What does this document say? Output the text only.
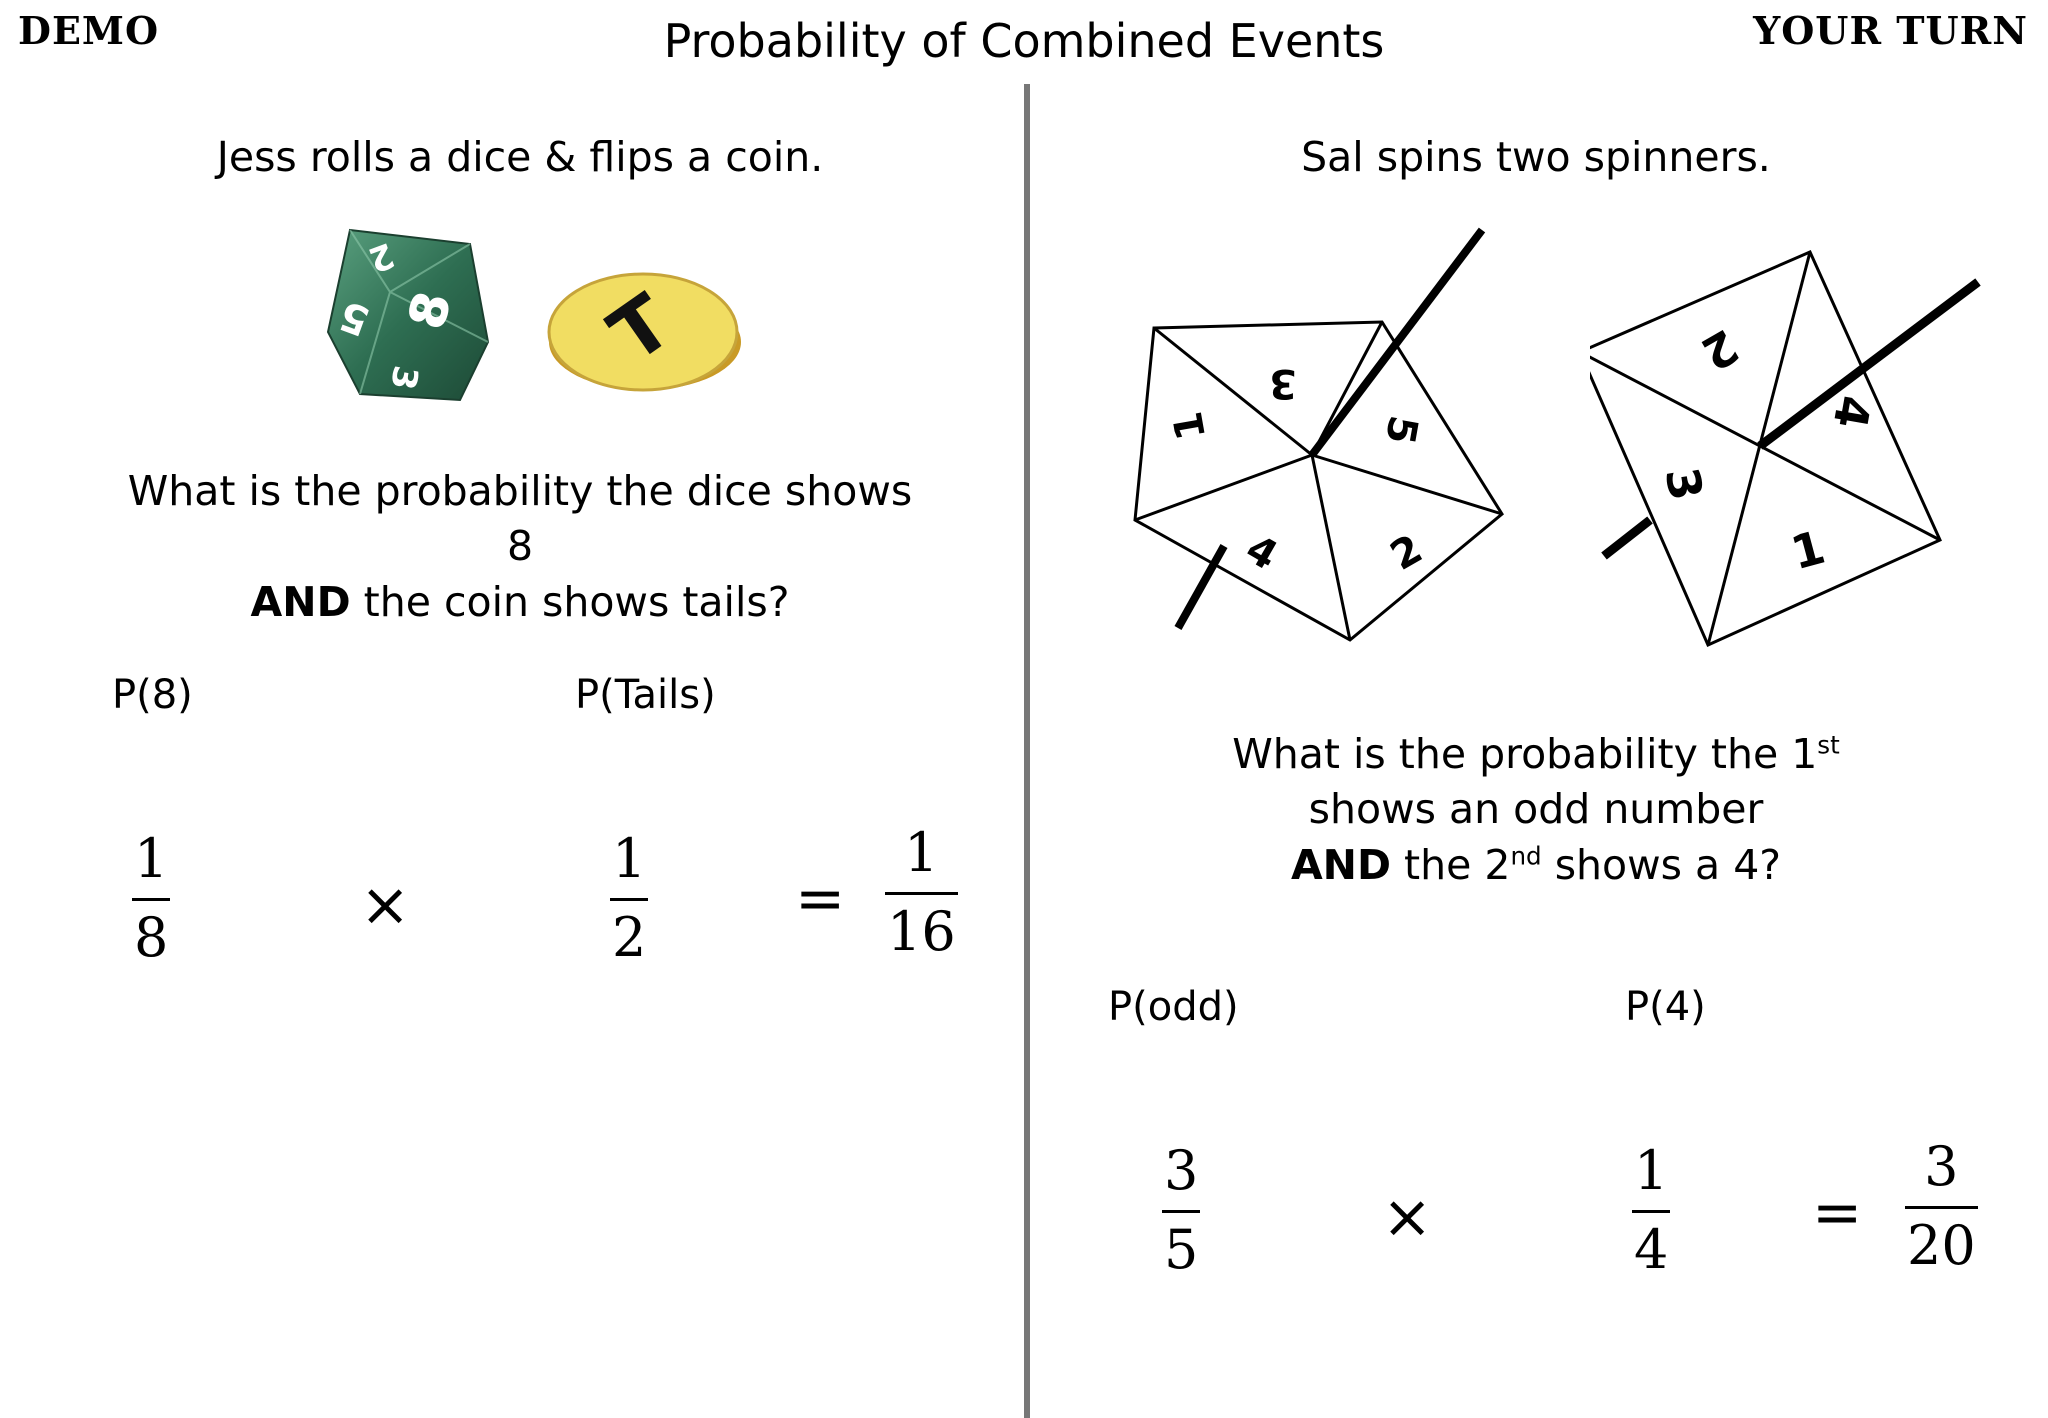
DEMO	Probability of Combined Events	YOUR TURN
Jess rolls a dice & flips a coin.
2
5 8
3 T
What is the probability the dice shows 8
AND the coin shows tails?
P(8)	P(Tails)
1
8	×
1
2
=
1
16
Sal spins two spinners.
3
5
2
4
1
2
4
1
3
What is the probability the 1st
shows an odd number
AND the 2nd shows a 4?
P(odd)	P(4)
3
5	×
1
4
=
3
20
